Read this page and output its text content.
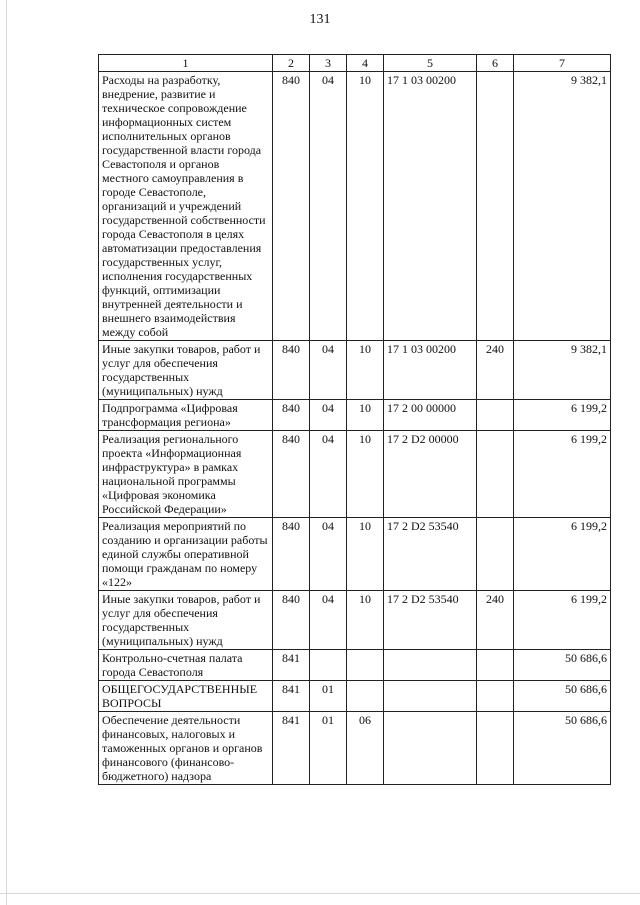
131
1	2	3	4	5	6	7
Расходы на разработку, внедрение, развитие и техническое сопровождение информационных систем исполнительных органов государственной власти города Севастополя и органов местного самоуправления в городе Севастополе, организаций и учреждений государственной собственности города Севастополя в целях автоматизации предоставления государственных услуг, исполнения государственных функций, оптимизации внутренней деятельности и внешнего взаимодействия между собой	840	04	10	17 1 03 00200		9 382,1
Иные закупки товаров, работ и услуг для обеспечения государственных (муниципальных) нужд	840	04	10	17 1 03 00200	240	9 382,1
Подпрограмма «Цифровая трансформация региона»	840	04	10	17 2 00 00000		6 199,2
Реализация регионального проекта «Информационная инфраструктура» в рамках национальной программы «Цифровая экономика Российской Федерации»	840	04	10	17 2 D2 00000		6 199,2
Реализация мероприятий по созданию и организации работы единой службы оперативной помощи гражданам по номеру «122»	840	04	10	17 2 D2 53540		6 199,2
Иные закупки товаров, работ и услуг для обеспечения государственных (муниципальных) нужд	840	04	10	17 2 D2 53540	240	6 199,2
Контрольно-счетная палата города Севастополя	841					50 686,6
ОБЩЕГОСУДАРСТВЕННЫЕ ВОПРОСЫ	841	01				50 686,6
Обеспечение деятельности финансовых, налоговых и таможенных органов и органов финансового (финансово-бюджетного) надзора	841	01	06			50 686,6
